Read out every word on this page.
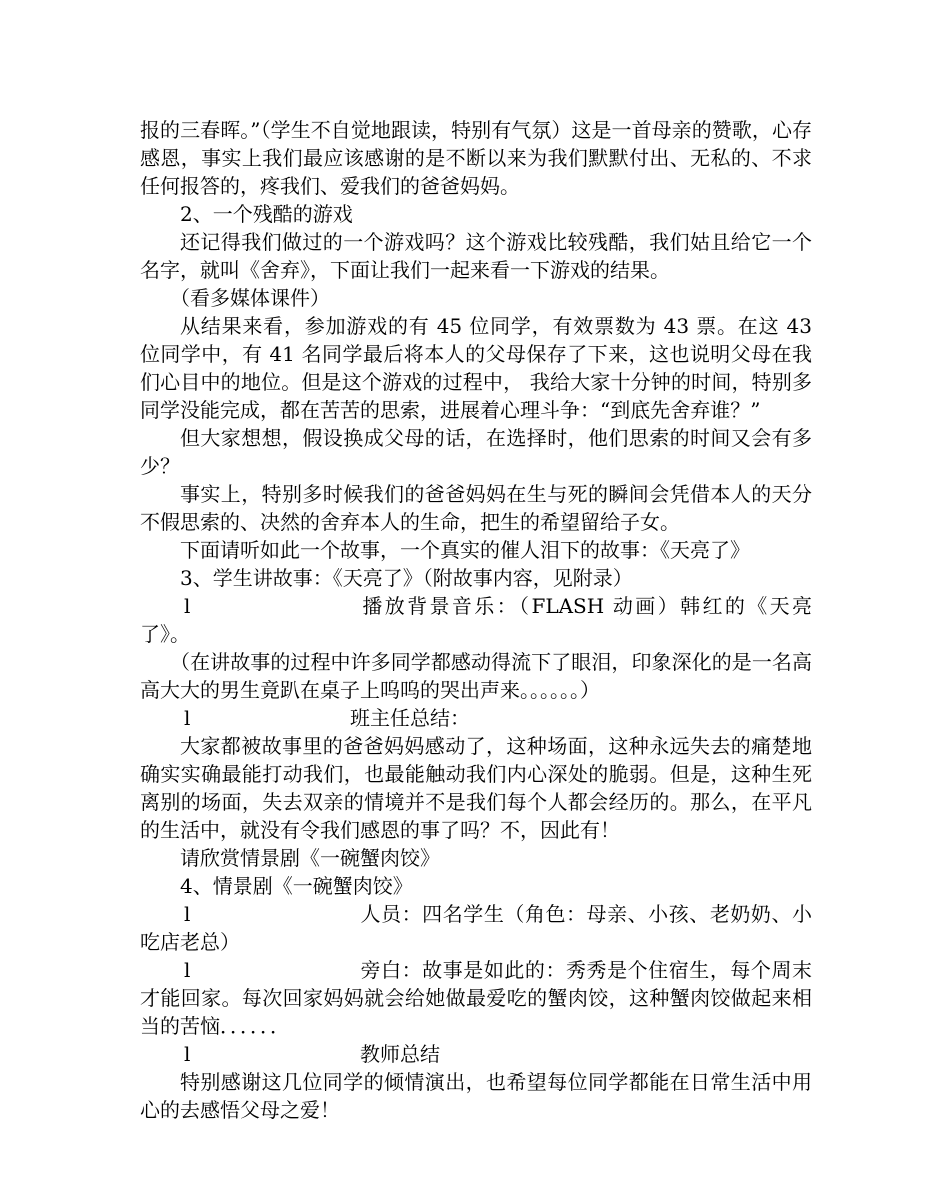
报的三春晖。”（学生不自觉地跟读，特别有气氛）这是一首母亲的赞歌，心存感恩，事实上我们最应该感谢的是不断以来为我们默默付出、无私的、不求任何报答的，疼我们、爱我们的爸爸妈妈。

2、一个残酷的游戏

还记得我们做过的一个游戏吗？这个游戏比较残酷，我们姑且给它一个名字，就叫《舍弃》，下面让我们一起来看一下游戏的结果。

（看多媒体课件）

从结果来看，参加游戏的有 45 位同学，有效票数为 43 票。在这 43 位同学中，有 41 名同学最后将本人的父母保存了下来，这也说明父母在我们心目中的地位。但是这个游戏的过程中， 我给大家十分钟的时间，特别多同学没能完成，都在苦苦的思索，进展着心理斗争：“到底先舍弃谁？”

但大家想想，假设换成父母的话，在选择时，他们思索的时间又会有多少？

事实上，特别多时候我们的爸爸妈妈在生与死的瞬间会凭借本人的天分不假思索的、决然的舍弃本人的生命，把生的希望留给子女。

下面请听如此一个故事，一个真实的催人泪下的故事：《天亮了》

3、学生讲故事：《天亮了》（附故事内容，见附录）

l	播放背景音乐：（FLASH 动画）韩红的《天亮了》。

（在讲故事的过程中许多同学都感动得流下了眼泪，印象深化的是一名高高大大的男生竟趴在桌子上呜呜的哭出声来。。。。。。）

l	班主任总结：

大家都被故事里的爸爸妈妈感动了，这种场面，这种永远失去的痛楚地确实实确最能打动我们，也最能触动我们内心深处的脆弱。但是，这种生死离别的场面，失去双亲的情境并不是我们每个人都会经历的。那么，在平凡的生活中，就没有令我们感恩的事了吗？不，因此有！

请欣赏情景剧《一碗蟹肉饺》

4、情景剧《一碗蟹肉饺》

l	人员：四名学生（角色：母亲、小孩、老奶奶、小吃店老总）

l	旁白：故事是如此的：秀秀是个住宿生，每个周末才能回家。每次回家妈妈就会给她做最爱吃的蟹肉饺，这种蟹肉饺做起来相当的苦恼．．．．．．

l	教师总结

特别感谢这几位同学的倾情演出，也希望每位同学都能在日常生活中用心的去感悟父母之爱！
